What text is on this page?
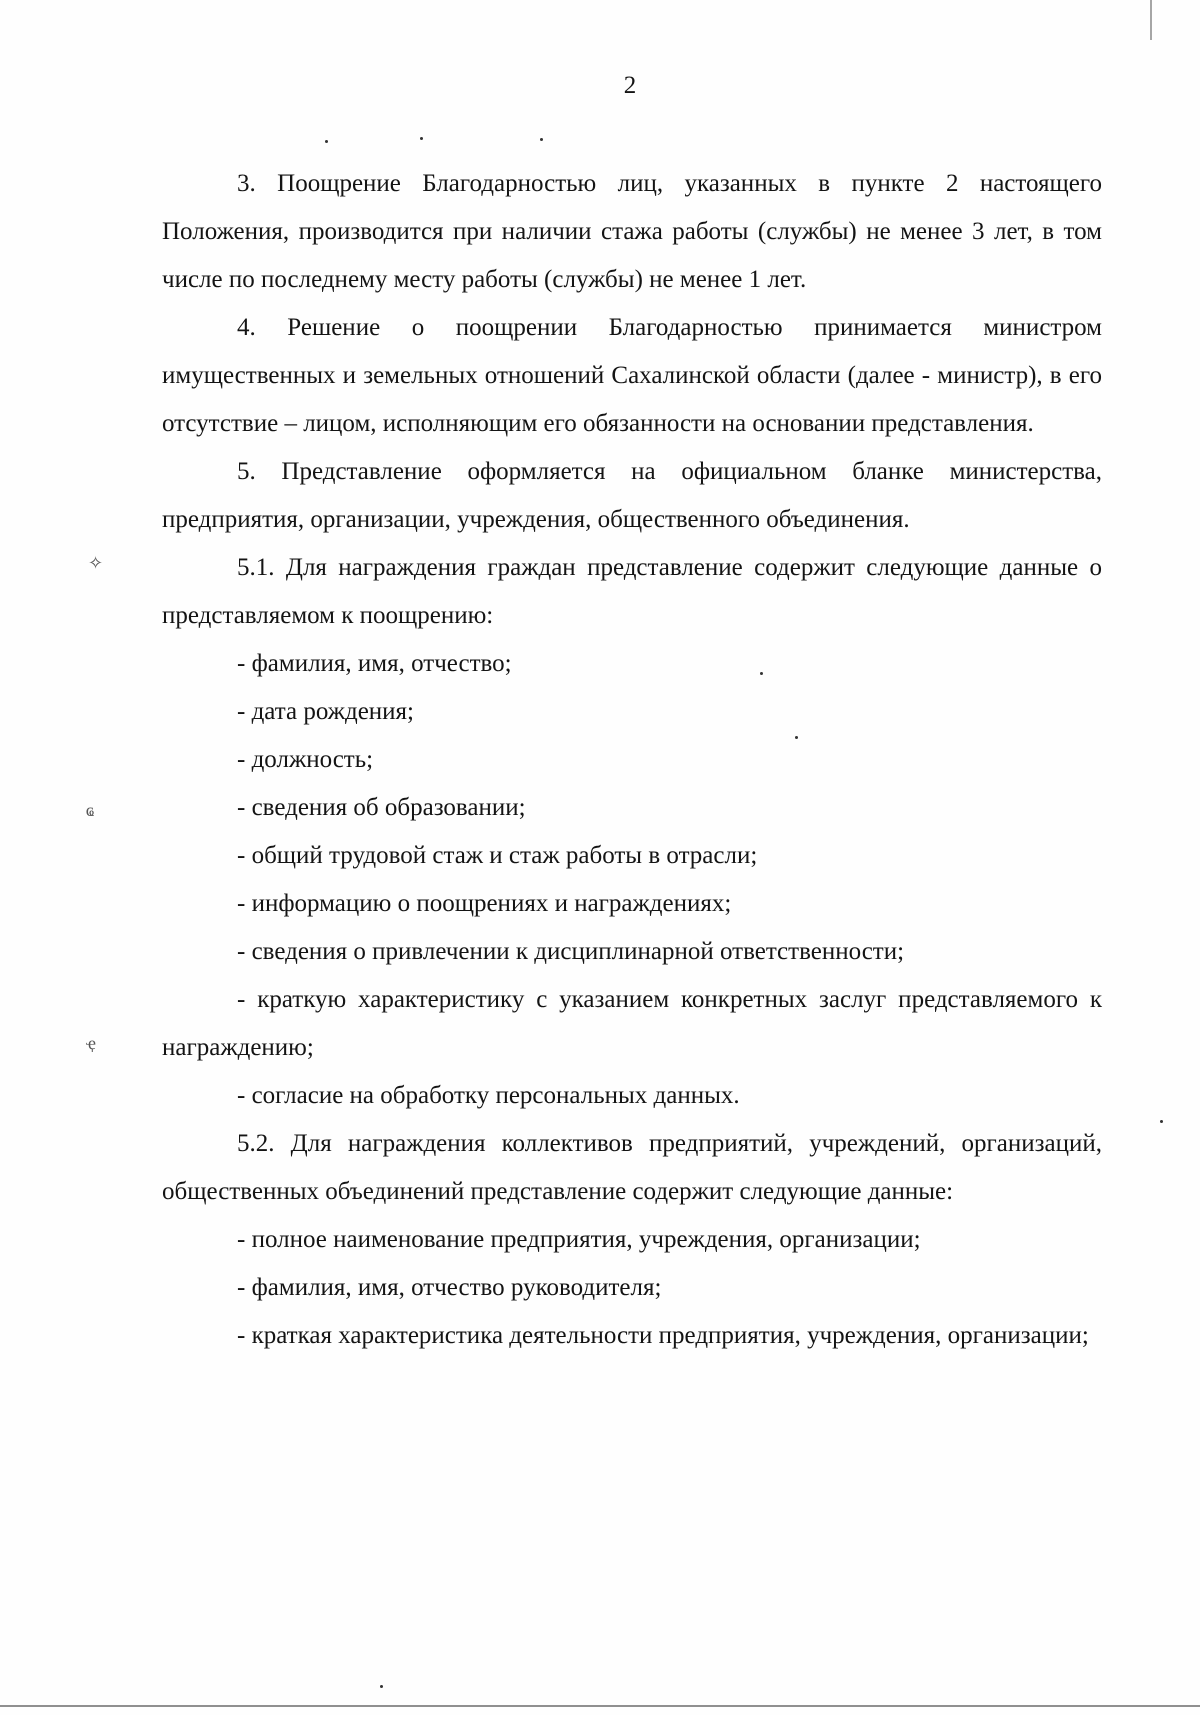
2

3. Поощрение Благодарностью лиц, указанных в пункте 2 настоящего Положения, производится при наличии стажа работы (службы) не менее 3 лет, в том числе по последнему месту работы (службы) не менее 1 лет.

4. Решение о поощрении Благодарностью принимается министром имущественных и земельных отношений Сахалинской области (далее - министр), в его отсутствие – лицом, исполняющим его обязанности на основании представления.

5. Представление оформляется на официальном бланке министерства, предприятия, организации, учреждения, общественного объединения.

5.1. Для награждения граждан представление содержит следующие данные о представляемом к поощрению:

- фамилия, имя, отчество;

- дата рождения;

- должность;

- сведения об образовании;

- общий трудовой стаж и стаж работы в отрасли;

- информацию о поощрениях и награждениях;

- сведения о привлечении к дисциплинарной ответственности;

- краткую характеристику с указанием конкретных заслуг представляемого к награждению;

- согласие на обработку персональных данных.

5.2. Для награждения коллективов предприятий, учреждений, организаций, общественных объединений представление содержит следующие данные:

- полное наименование предприятия, учреждения, организации;

- фамилия, имя, отчество руководителя;

- краткая характеристика деятельности предприятия, учреждения, организации;

✧
ҩ
ҿ
